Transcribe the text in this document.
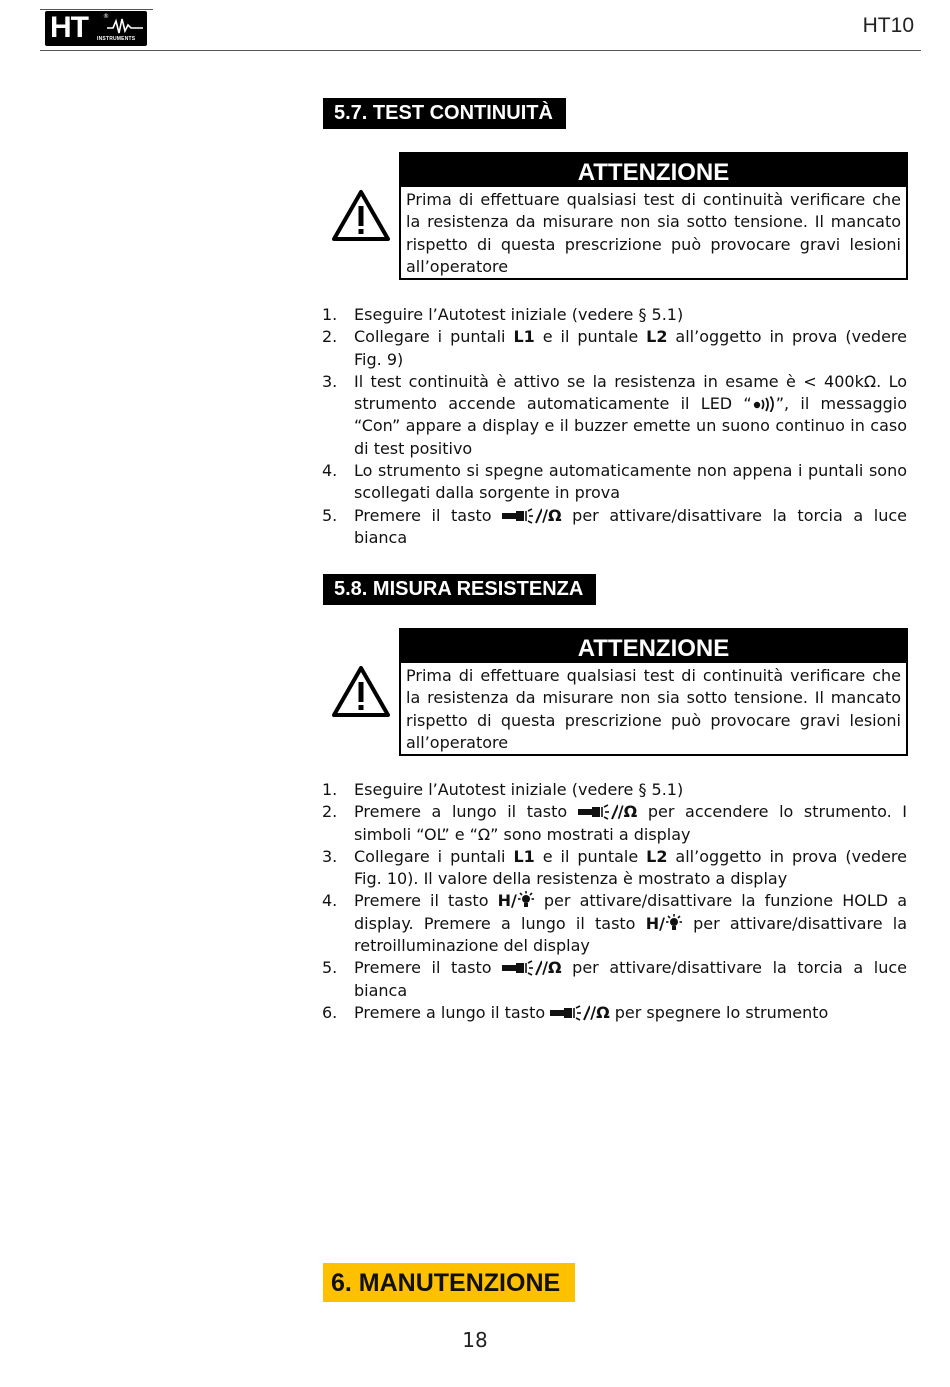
HT	®
INSTRUMENTS
HT10
5.7. TEST CONTINUITÀ
ATTENZIONE
Prima di effettuare qualsiasi test di continuità verificare che la resistenza da misurare non sia sotto tensione. Il mancato rispetto di questa prescrizione può provocare gravi lesioni all’operatore
1. Eseguire l’Autotest iniziale (vedere § 5.1)
2. Collegare i puntali L1 e il puntale L2 all’oggetto in prova (vedere Fig. 9)
3. Il test continuità è attivo se la resistenza in esame è < 400kΩ. Lo strumento accende automaticamente il LED “ ”, il messaggio “Con” appare a display e il buzzer emette un suono continuo in caso di test positivo
4. Lo strumento si spegne automaticamente non appena i puntali sono scollegati dalla sorgente in prova
5. Premere il tasto	/Ω per attivare/disattivare la torcia a luce bianca
5.8. MISURA RESISTENZA
ATTENZIONE
Prima di effettuare qualsiasi test di continuità verificare che la resistenza da misurare non sia sotto tensione. Il mancato rispetto di questa prescrizione può provocare gravi lesioni all’operatore
1. Eseguire l’Autotest iniziale (vedere § 5.1)
2. Premere a lungo il tasto	/Ω per accendere lo strumento. I simboli “OL” e “Ω” sono mostrati a display
3. Collegare i puntali L1 e il puntale L2 all’oggetto in prova (vedere Fig. 10). Il valore della resistenza è mostrato a display
4. Premere il tasto H/ per attivare/disattivare la funzione HOLD a display. Premere a lungo il tasto H/ per attivare/disattivare la retroilluminazione del display
5. Premere il tasto	/Ω per attivare/disattivare la torcia a luce bianca
6. Premere a lungo il tasto	/Ω per spegnere lo strumento
6. MANUTENZIONE
18
